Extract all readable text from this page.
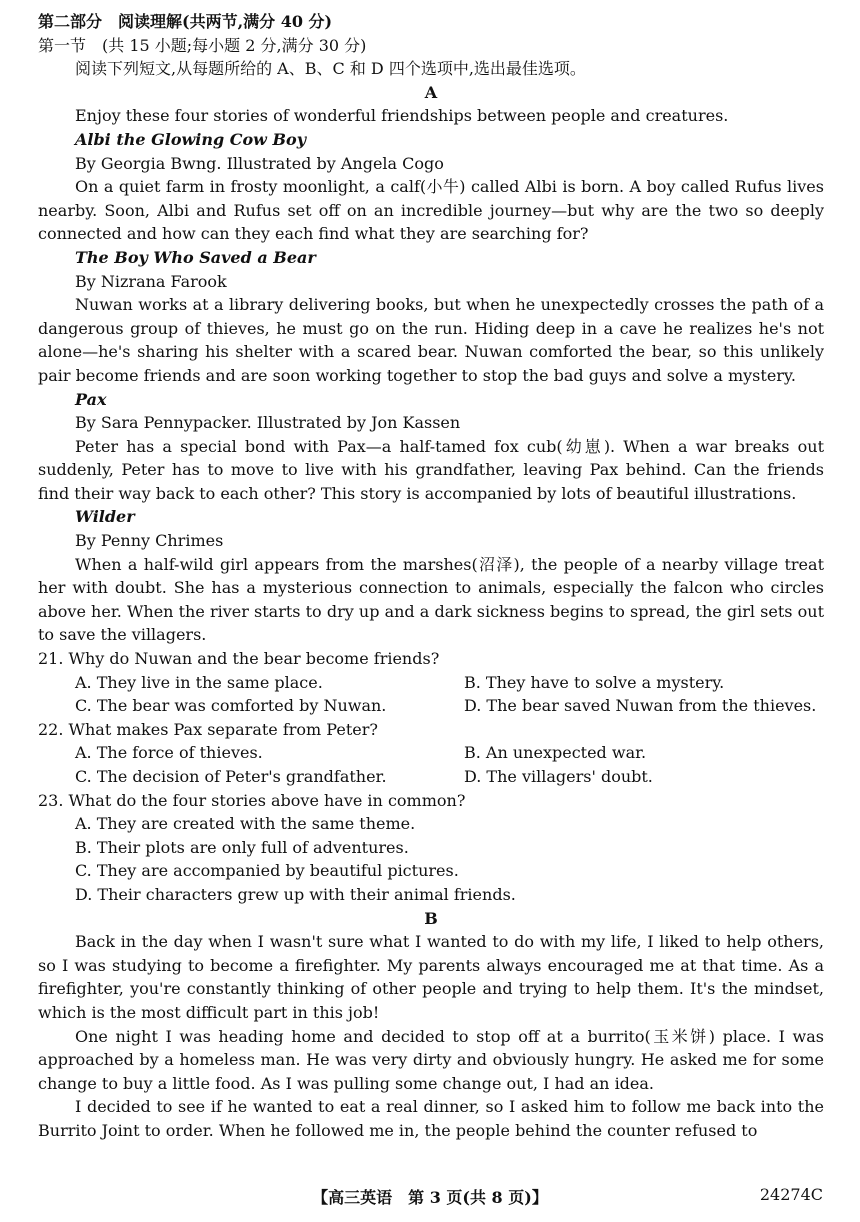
第二部分　阅读理解(共两节,满分 40 分)
第一节　(共 15 小题;每小题 2 分,满分 30 分)
阅读下列短文,从每题所给的 A、B、C 和 D 四个选项中,选出最佳选项。
A
Enjoy these four stories of wonderful friendships between people and creatures.
Albi the Glowing Cow Boy
By Georgia Bwng. Illustrated by Angela Cogo
On a quiet farm in frosty moonlight, a calf(小牛) called Albi is born. A boy called Rufus lives nearby. Soon, Albi and Rufus set off on an incredible journey—but why are the two so deeply connected and how can they each find what they are searching for?
The Boy Who Saved a Bear
By Nizrana Farook
Nuwan works at a library delivering books, but when he unexpectedly crosses the path of a dangerous group of thieves, he must go on the run. Hiding deep in a cave he realizes he's not alone—he's sharing his shelter with a scared bear. Nuwan comforted the bear, so this unlikely pair become friends and are soon working together to stop the bad guys and solve a mystery.
Pax
By Sara Pennypacker. Illustrated by Jon Kassen
Peter has a special bond with Pax—a half-tamed fox cub(幼崽). When a war breaks out suddenly, Peter has to move to live with his grandfather, leaving Pax behind. Can the friends find their way back to each other? This story is accompanied by lots of beautiful illustrations.
Wilder
By Penny Chrimes
When a half-wild girl appears from the marshes(沼泽), the people of a nearby village treat her with doubt. She has a mysterious connection to animals, especially the falcon who circles above her. When the river starts to dry up and a dark sickness begins to spread, the girl sets out to save the villagers.
21. Why do Nuwan and the bear become friends?
A. They live in the same place.	B. They have to solve a mystery.
C. The bear was comforted by Nuwan.	D. The bear saved Nuwan from the thieves.
22. What makes Pax separate from Peter?
A. The force of thieves.	B. An unexpected war.
C. The decision of Peter's grandfather.	D. The villagers' doubt.
23. What do the four stories above have in common?
A. They are created with the same theme.
B. Their plots are only full of adventures.
C. They are accompanied by beautiful pictures.
D. Their characters grew up with their animal friends.
B
Back in the day when I wasn't sure what I wanted to do with my life, I liked to help others, so I was studying to become a firefighter. My parents always encouraged me at that time. As a firefighter, you're constantly thinking of other people and trying to help them. It's the mindset, which is the most difficult part in this job!
One night I was heading home and decided to stop off at a burrito(玉米饼) place. I was approached by a homeless man. He was very dirty and obviously hungry. He asked me for some change to buy a little food. As I was pulling some change out, I had an idea.
I decided to see if he wanted to eat a real dinner, so I asked him to follow me back into the Burrito Joint to order. When he followed me in, the people behind the counter refused to
【高三英语　第 3 页(共 8 页)】	24274C
